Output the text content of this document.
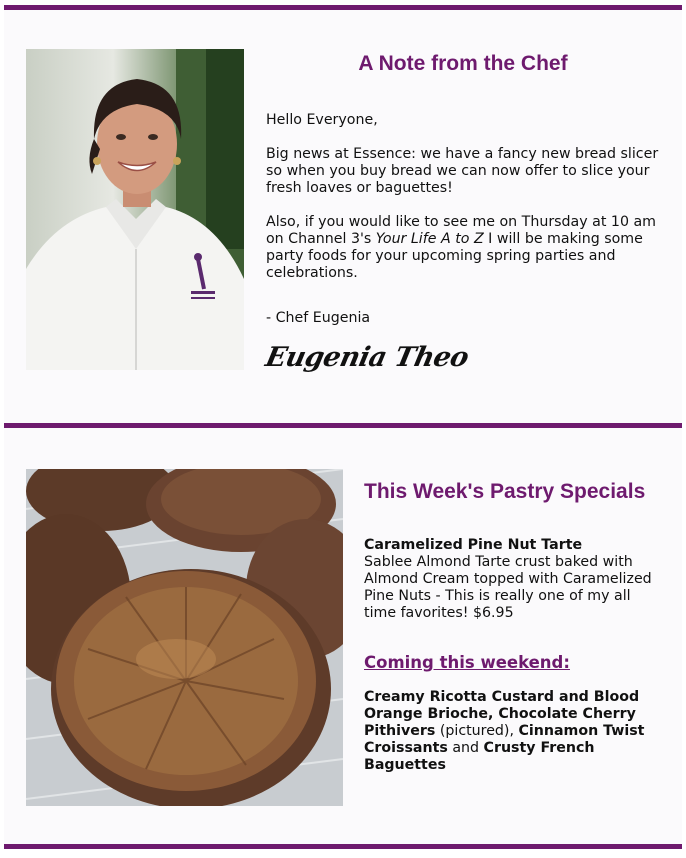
A Note from the Chef

Hello Everyone,

Big news at Essence: we have a fancy new bread slicer so when you buy bread we can now offer to slice your fresh loaves or baguettes!

Also, if you would like to see me on Thursday at 10 am on Channel 3's Your Life A to Z I will be making some party foods for your upcoming spring parties and celebrations.

- Chef Eugenia

Eugenia Theo
This Week's Pastry Specials

Caramelized Pine Nut Tarte

Sablee Almond Tarte crust baked with Almond Cream topped with Caramelized Pine Nuts - This is really one of my all time favorites! $6.95

Coming this weekend:

Creamy Ricotta Custard and Blood Orange Brioche, Chocolate Cherry Pithivers (pictured), Cinnamon Twist Croissants and Crusty French Baguettes
